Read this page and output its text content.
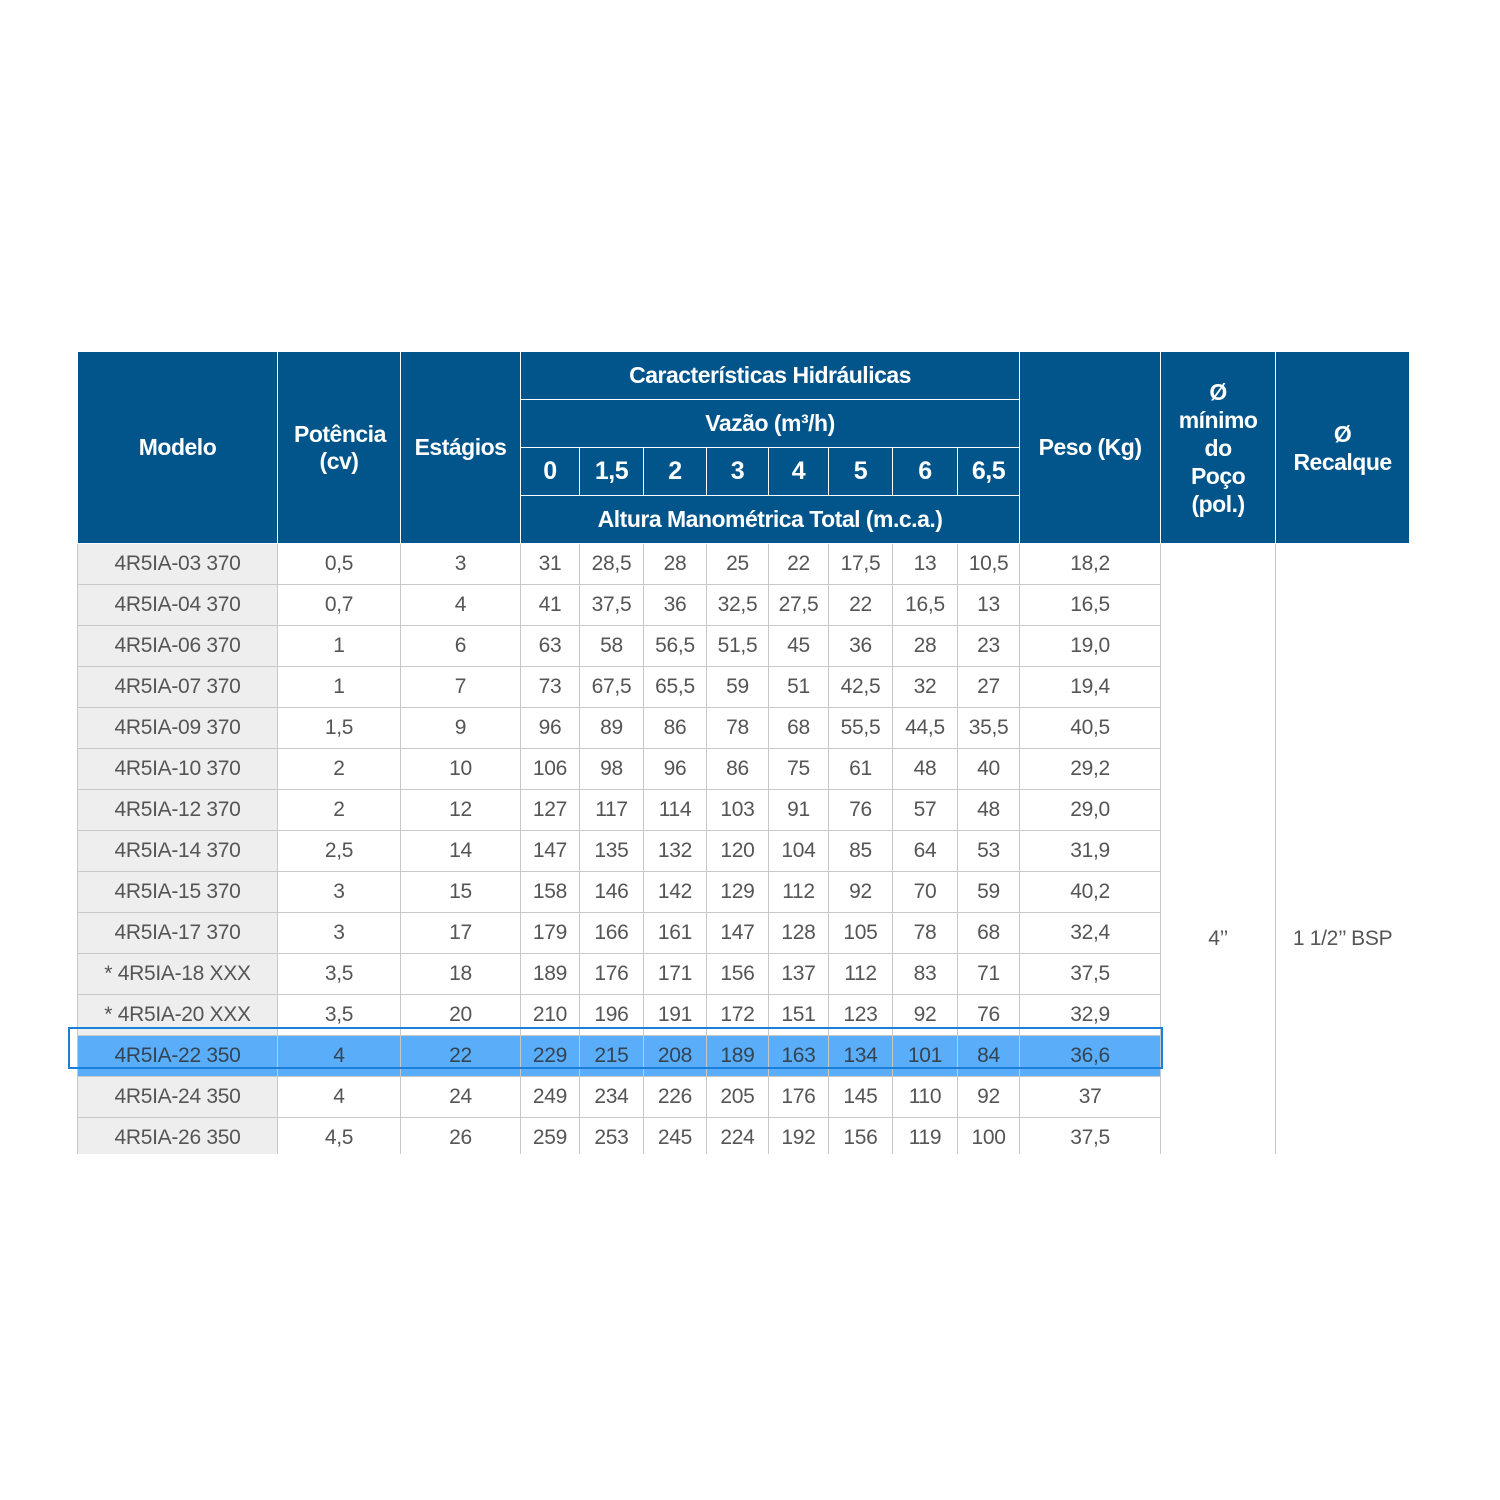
Modelo	Potência (cv)	Estágios	Características Hidráulicas								Peso (Kg)	Ø mínimo do Poço (pol.)	Ø Recalque
			Vazão (m³/h)										
			0	1,5	2	3	4	5	6	6,5			
			Altura Manométrica Total (m.c.a.)										
4R5IA-03 370	0,5	3	31	28,5	28	25	22	17,5	13	10,5	18,2	4’’	1 1/2’’ BSP
4R5IA-04 370	0,7	4	41	37,5	36	32,5	27,5	22	16,5	13	16,5		
4R5IA-06 370	1	6	63	58	56,5	51,5	45	36	28	23	19,0		
4R5IA-07 370	1	7	73	67,5	65,5	59	51	42,5	32	27	19,4		
4R5IA-09 370	1,5	9	96	89	86	78	68	55,5	44,5	35,5	40,5		
4R5IA-10 370	2	10	106	98	96	86	75	61	48	40	29,2		
4R5IA-12 370	2	12	127	117	114	103	91	76	57	48	29,0		
4R5IA-14 370	2,5	14	147	135	132	120	104	85	64	53	31,9		
4R5IA-15 370	3	15	158	146	142	129	112	92	70	59	40,2		
4R5IA-17 370	3	17	179	166	161	147	128	105	78	68	32,4		
* 4R5IA-18 XXX	3,5	18	189	176	171	156	137	112	83	71	37,5		
* 4R5IA-20 XXX	3,5	20	210	196	191	172	151	123	92	76	32,9		
4R5IA-22 350	4	22	229	215	208	189	163	134	101	84	36,6		
4R5IA-24 350	4	24	249	234	226	205	176	145	110	92	37		
4R5IA-26 350	4,5	26	259	253	245	224	192	156	119	100	37,5		
